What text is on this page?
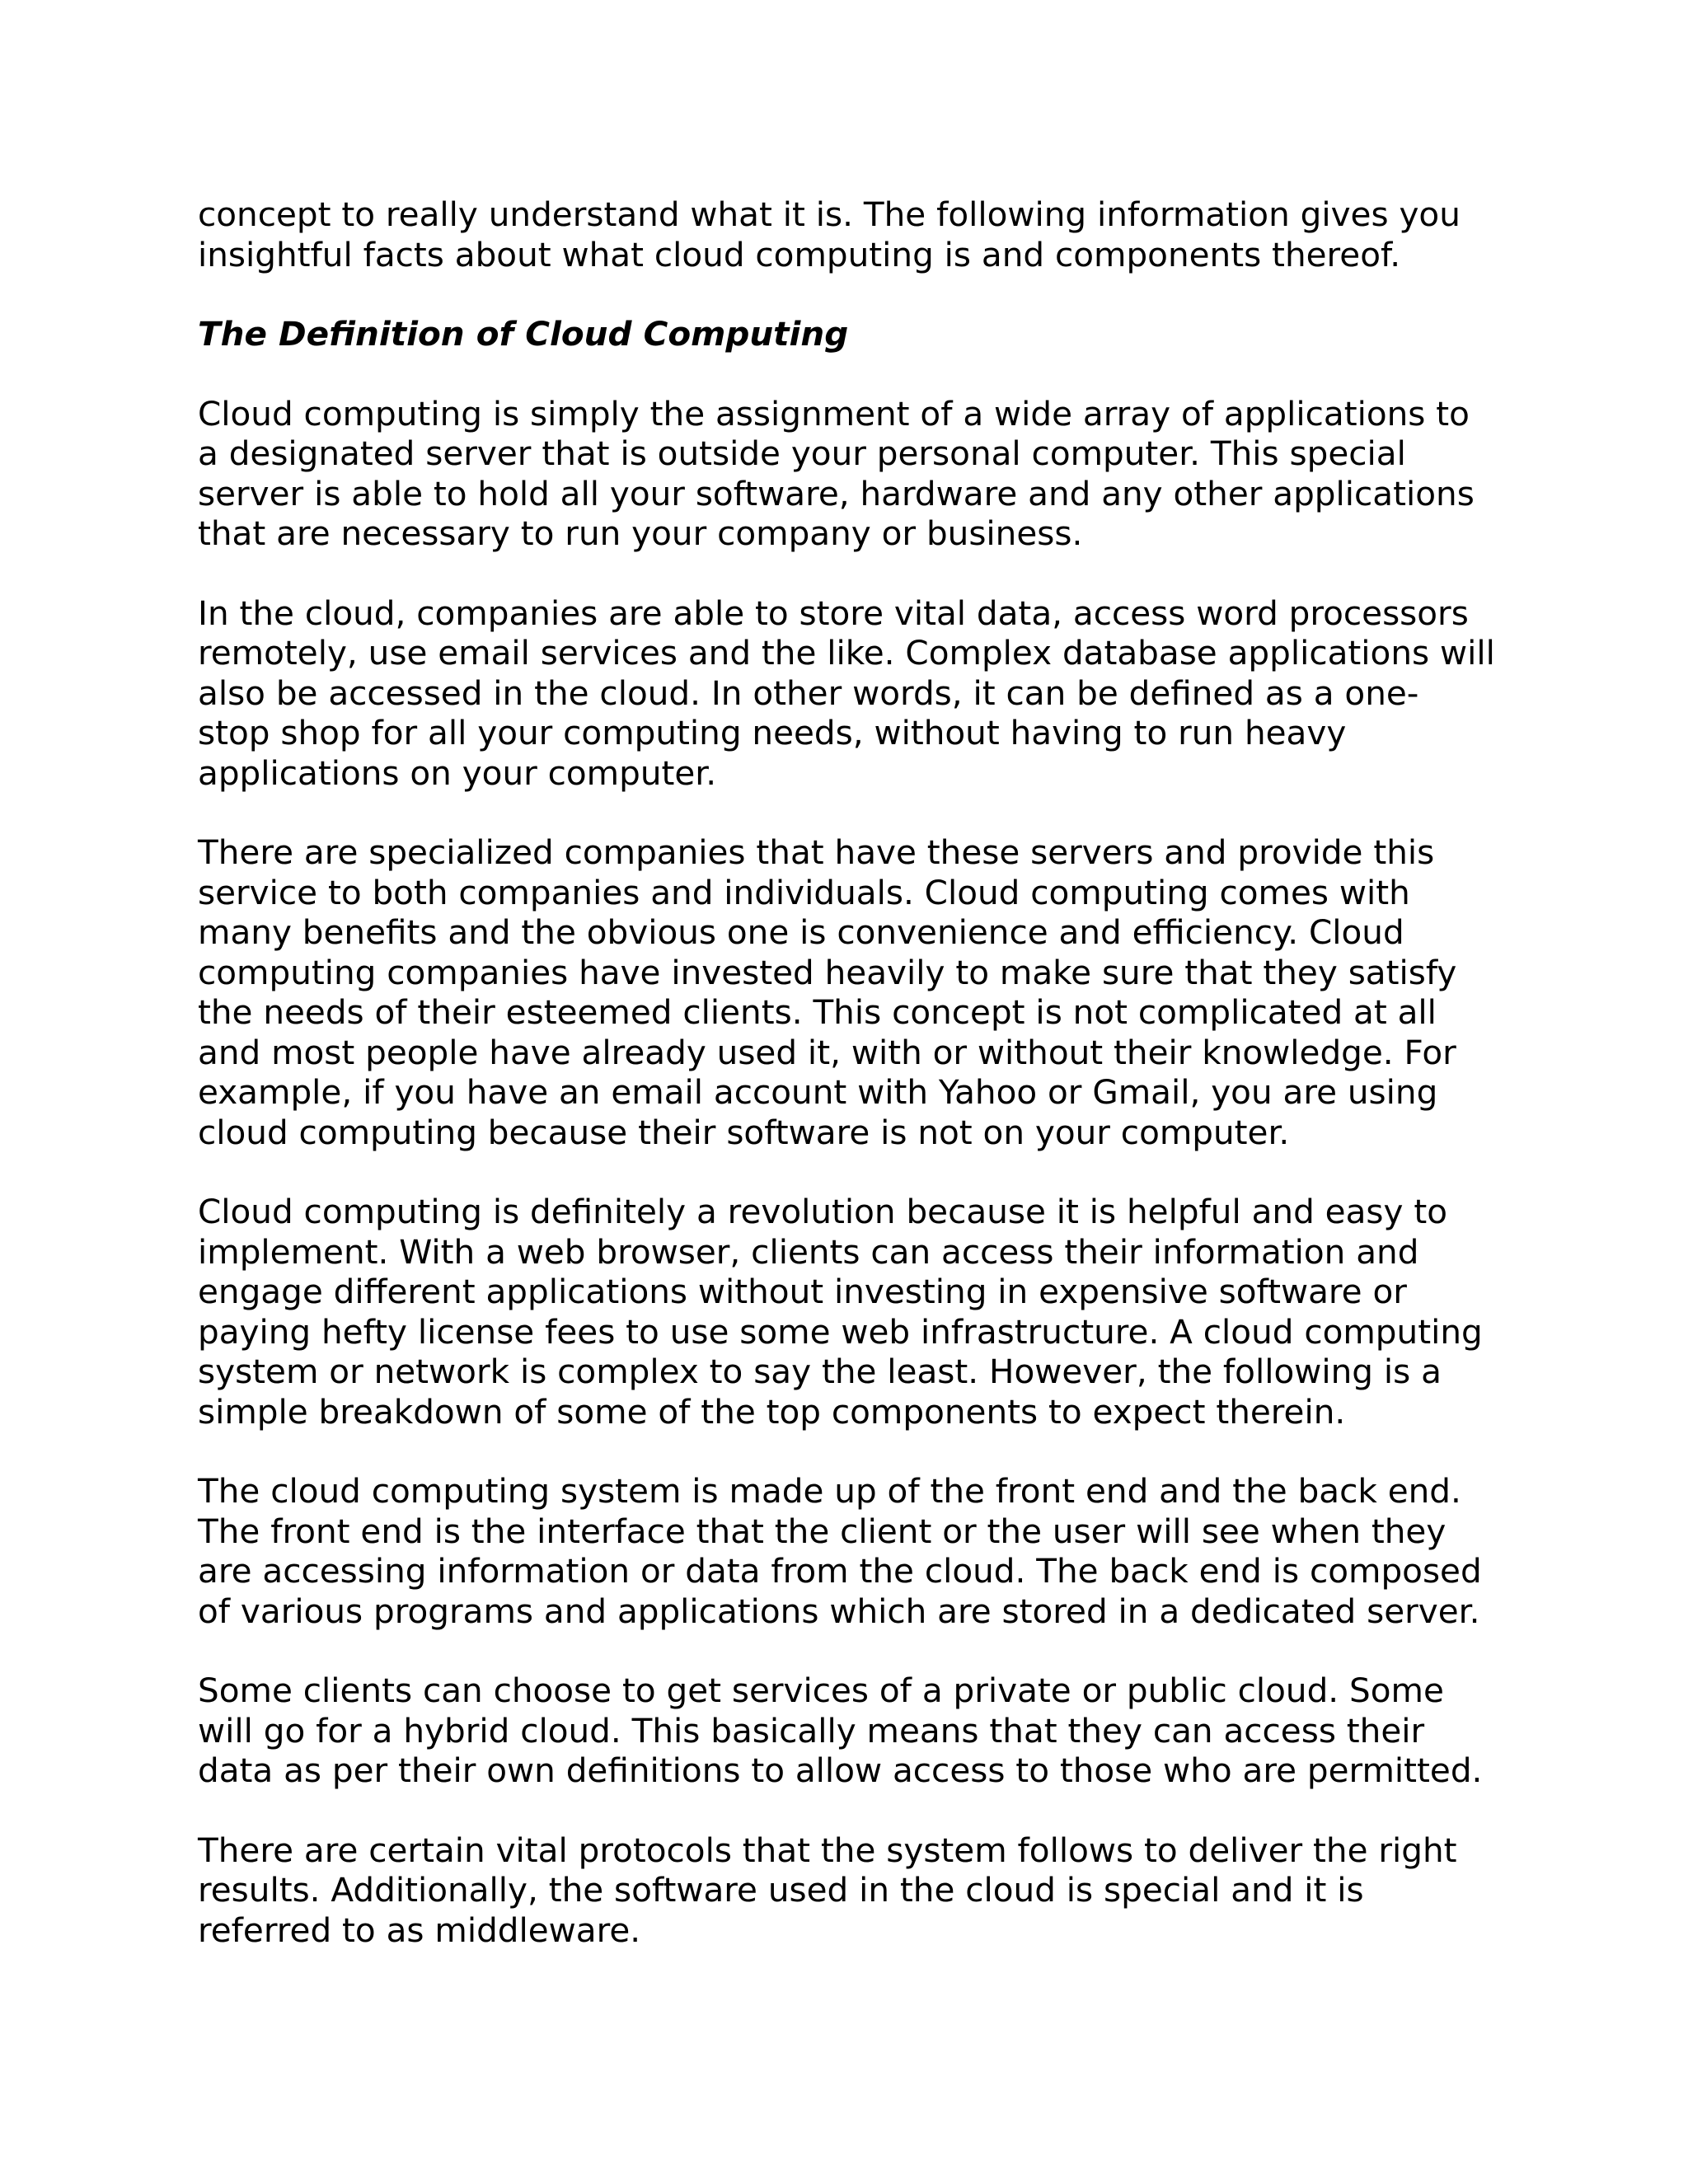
concept to really understand what it is. The following information gives you
insightful facts about what cloud computing is and components thereof.
The Definition of Cloud Computing
Cloud computing is simply the assignment of a wide array of applications to
a designated server that is outside your personal computer. This special
server is able to hold all your software, hardware and any other applications
that are necessary to run your company or business.
In the cloud, companies are able to store vital data, access word processors
remotely, use email services and the like. Complex database applications will
also be accessed in the cloud. In other words, it can be defined as a one-
stop shop for all your computing needs, without having to run heavy
applications on your computer.
There are specialized companies that have these servers and provide this
service to both companies and individuals. Cloud computing comes with
many benefits and the obvious one is convenience and efficiency. Cloud
computing companies have invested heavily to make sure that they satisfy
the needs of their esteemed clients. This concept is not complicated at all
and most people have already used it, with or without their knowledge. For
example, if you have an email account with Yahoo or Gmail, you are using
cloud computing because their software is not on your computer.
Cloud computing is definitely a revolution because it is helpful and easy to
implement. With a web browser, clients can access their information and
engage different applications without investing in expensive software or
paying hefty license fees to use some web infrastructure. A cloud computing
system or network is complex to say the least. However, the following is a
simple breakdown of some of the top components to expect therein.
The cloud computing system is made up of the front end and the back end.
The front end is the interface that the client or the user will see when they
are accessing information or data from the cloud. The back end is composed
of various programs and applications which are stored in a dedicated server.
Some clients can choose to get services of a private or public cloud. Some
will go for a hybrid cloud. This basically means that they can access their
data as per their own definitions to allow access to those who are permitted.
There are certain vital protocols that the system follows to deliver the right
results. Additionally, the software used in the cloud is special and it is
referred to as middleware.
